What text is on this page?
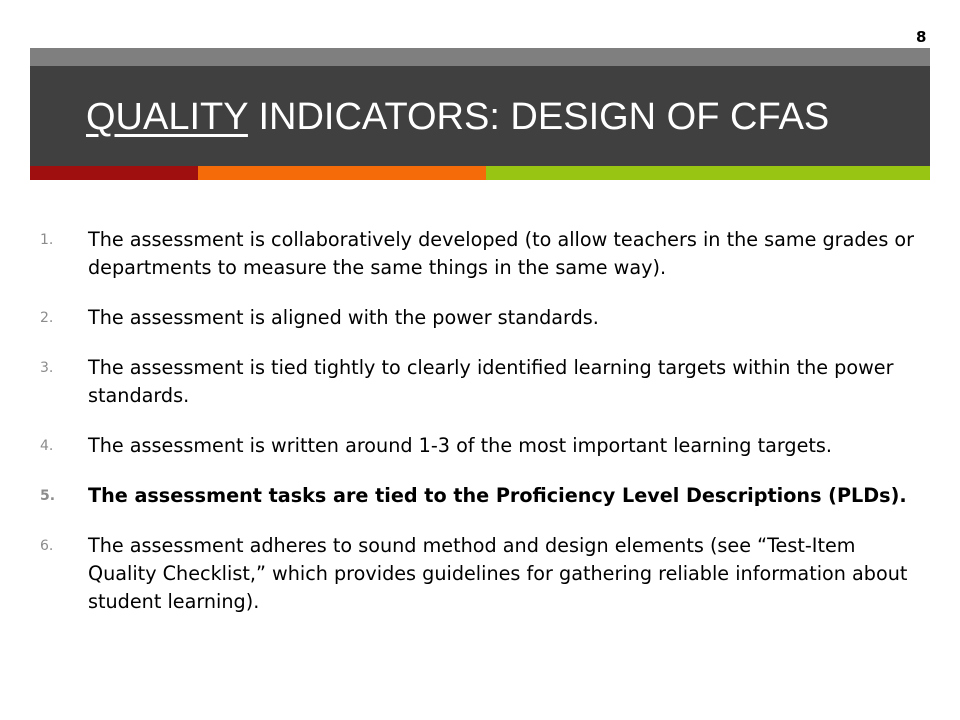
8
QUALITY INDICATORS: DESIGN OF CFAS
1.	The assessment is collaboratively developed (to allow teachers in the same grades or departments to measure the same things in the same way).
2.	The assessment is aligned with the power standards.
3.	The assessment is tied tightly to clearly identified learning targets within the power standards.
4.	The assessment is written around 1-3 of the most important learning targets.
5.	The assessment tasks are tied to the Proficiency Level Descriptions (PLDs).
6.	The assessment adheres to sound method and design elements (see “Test-Item Quality Checklist,” which provides guidelines for gathering reliable information about student learning).
